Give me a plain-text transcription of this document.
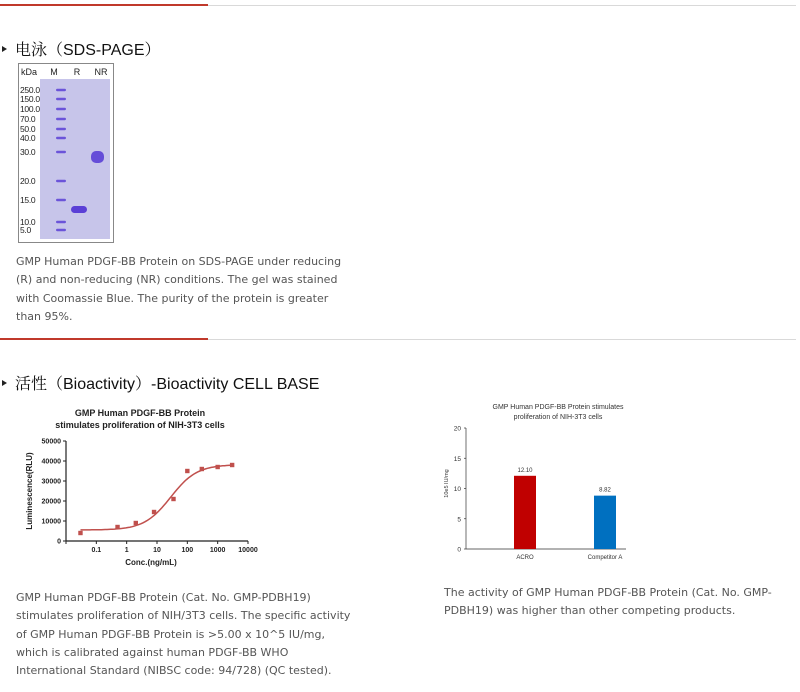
电泳（SDS-PAGE）
kDa M R NR
250.0
150.0
100.0
70.0
50.0
40.0
30.0
20.0
15.0
10.0
5.0
GMP Human PDGF-BB Protein on SDS-PAGE under reducing
(R) and non-reducing (NR) conditions. The gel was stained
with Coomassie Blue. The purity of the protein is greater
than 95%.
活性（Bioactivity）-Bioactivity CELL BASE
GMP Human PDGF-BB Protein
stimulates proliferation of NIH-3T3 cells
0
10000
20000
30000
40000
50000
0.1	1	10	100 1000 10000
Conc.(ng/mL)
Luminescence(RLU)
GMP Human PDGF-BB Protein stimulates
proliferation of NIH-3T3 cells
0
5
10
15
20
10e5 IU/mg	12.10
ACRO
8.82
Competitor A
GMP Human PDGF-BB Protein (Cat. No. GMP-PDBH19)
stimulates proliferation of NIH/3T3 cells. The specific activity
of GMP Human PDGF-BB Protein is >5.00 x 10^5 IU/mg,
which is calibrated against human PDGF-BB WHO
International Standard (NIBSC code: 94/728) (QC tested).
The activity of GMP Human PDGF-BB Protein (Cat. No. GMP-
PDBH19) was higher than other competing products.
